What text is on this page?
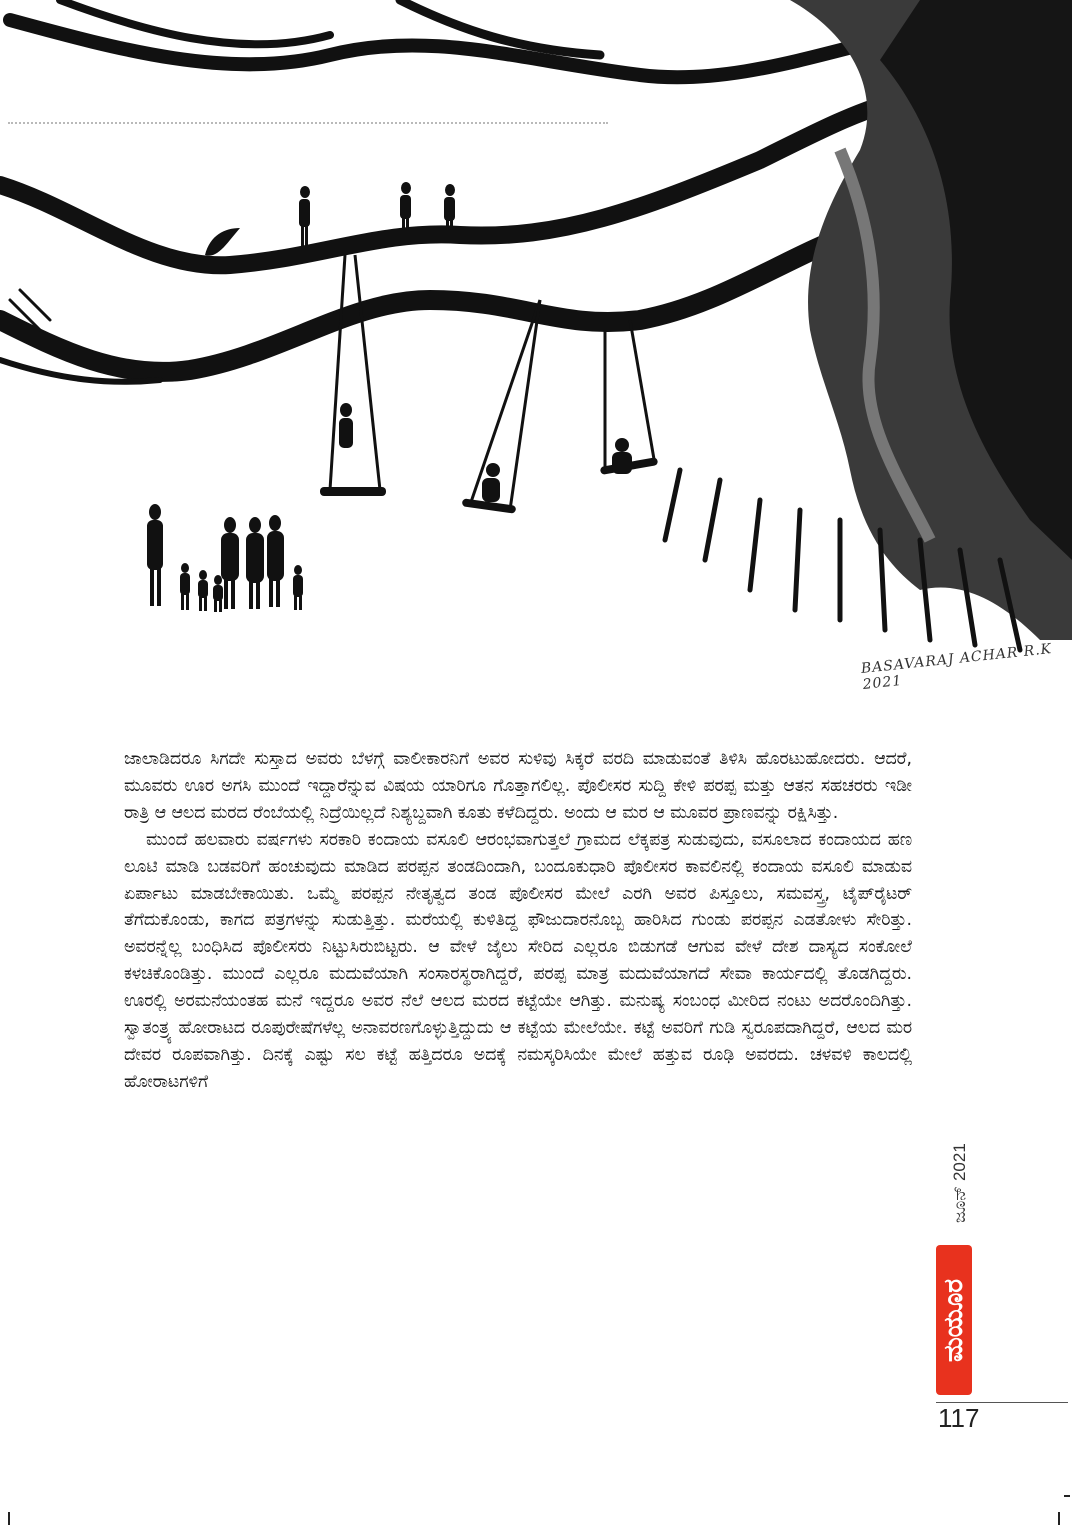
BASAVARAJ ACHAR R.K 2021

ಜಾಲಾಡಿದರೂ ಸಿಗದೇ ಸುಸ್ತಾದ ಅವರು ಬೆಳಗ್ಗೆ ವಾಲೀಕಾರನಿಗೆ ಅವರ ಸುಳಿವು ಸಿಕ್ಕರೆ ವರದಿ ಮಾಡುವಂತೆ ತಿಳಿಸಿ ಹೊರಟುಹೋದರು. ಆದರೆ, ಮೂವರು ಊರ ಅಗಸಿ ಮುಂದೆ ಇದ್ದಾರೆನ್ನುವ ವಿಷಯ ಯಾರಿಗೂ ಗೊತ್ತಾಗಲಿಲ್ಲ. ಪೊಲೀಸರ ಸುದ್ದಿ ಕೇಳಿ ಪರಪ್ಪ ಮತ್ತು ಆತನ ಸಹಚರರು ಇಡೀ ರಾತ್ರಿ ಆ ಆಲದ ಮರದ ರೆಂಬೆಯಲ್ಲಿ ನಿದ್ರೆಯಿಲ್ಲದೆ ನಿಶ್ಯಬ್ದವಾಗಿ ಕೂತು ಕಳೆದಿದ್ದರು. ಅಂದು ಆ ಮರ ಆ ಮೂವರ ಪ್ರಾಣವನ್ನು ರಕ್ಷಿಸಿತ್ತು.

ಮುಂದೆ ಹಲವಾರು ವರ್ಷಗಳು ಸರಕಾರಿ ಕಂದಾಯ ವಸೂಲಿ ಆರಂಭವಾಗುತ್ತಲೆ ಗ್ರಾಮದ ಲೆಕ್ಕಪತ್ರ ಸುಡುವುದು, ವಸೂಲಾದ ಕಂದಾಯದ ಹಣ ಲೂಟಿ ಮಾಡಿ ಬಡವರಿಗೆ ಹಂಚುವುದು ಮಾಡಿದ ಪರಪ್ಪನ ತಂಡದಿಂದಾಗಿ, ಬಂದೂಕುಧಾರಿ ಪೊಲೀಸರ ಕಾವಲಿನಲ್ಲಿ ಕಂದಾಯ ವಸೂಲಿ ಮಾಡುವ ಏರ್ಪಾಟು ಮಾಡಬೇಕಾಯಿತು. ಒಮ್ಮೆ ಪರಪ್ಪನ ನೇತೃತ್ವದ ತಂಡ ಪೊಲೀಸರ ಮೇಲೆ ಎರಗಿ ಅವರ ಪಿಸ್ತೂಲು, ಸಮವಸ್ತ್ರ, ಟೈಪ್‌ರೈಟರ್ ತೆಗೆದುಕೊಂಡು, ಕಾಗದ ಪತ್ರಗಳನ್ನು ಸುಡುತ್ತಿತ್ತು. ಮರೆಯಲ್ಲಿ ಕುಳಿತಿದ್ದ ಫೌಜುದಾರನೊಬ್ಬ ಹಾರಿಸಿದ ಗುಂಡು ಪರಪ್ಪನ ಎಡತೋಳು ಸೇರಿತ್ತು. ಅವರನ್ನೆಲ್ಲ ಬಂಧಿಸಿದ ಪೊಲೀಸರು ನಿಟ್ಟುಸಿರುಬಿಟ್ಟರು. ಆ ವೇಳೆ ಜೈಲು ಸೇರಿದ ಎಲ್ಲರೂ ಬಿಡುಗಡೆ ಆಗುವ ವೇಳೆ ದೇಶ ದಾಸ್ಯದ ಸಂಕೋಲೆ ಕಳಚಿಕೊಂಡಿತ್ತು. ಮುಂದೆ ಎಲ್ಲರೂ ಮದುವೆಯಾಗಿ ಸಂಸಾರಸ್ಥರಾಗಿದ್ದರೆ, ಪರಪ್ಪ ಮಾತ್ರ ಮದುವೆಯಾಗದೆ ಸೇವಾ ಕಾರ್ಯದಲ್ಲಿ ತೊಡಗಿದ್ದರು. ಊರಲ್ಲಿ ಅರಮನೆಯಂತಹ ಮನೆ ಇದ್ದರೂ ಅವರ ನೆಲೆ ಆಲದ ಮರದ ಕಟ್ಟೆಯೇ ಆಗಿತ್ತು. ಮನುಷ್ಯ ಸಂಬಂಧ ಮೀರಿದ ನಂಟು ಅದರೊಂದಿಗಿತ್ತು. ಸ್ವಾತಂತ್ರ್ಯ ಹೋರಾಟದ ರೂಪುರೇಷೆಗಳೆಲ್ಲ ಅನಾವರಣಗೊಳ್ಳುತ್ತಿದ್ದುದು ಆ ಕಟ್ಟೆಯ ಮೇಲೆಯೇ. ಕಟ್ಟೆ ಅವರಿಗೆ ಗುಡಿ ಸ್ವರೂಪದಾಗಿದ್ದರೆ, ಆಲದ ಮರ ದೇವರ ರೂಪವಾಗಿತ್ತು. ದಿನಕ್ಕೆ ಎಷ್ಟು ಸಲ ಕಟ್ಟೆ ಹತ್ತಿದರೂ ಅದಕ್ಕೆ ನಮಸ್ಕರಿಸಿಯೇ ಮೇಲೆ ಹತ್ತುವ ರೂಢಿ ಅವರದು. ಚಳವಳಿ ಕಾಲದಲ್ಲಿ ಹೋರಾಟಗಳಿಗೆ

ಜೂನ್ 2021
ಮಯೂರ
117
